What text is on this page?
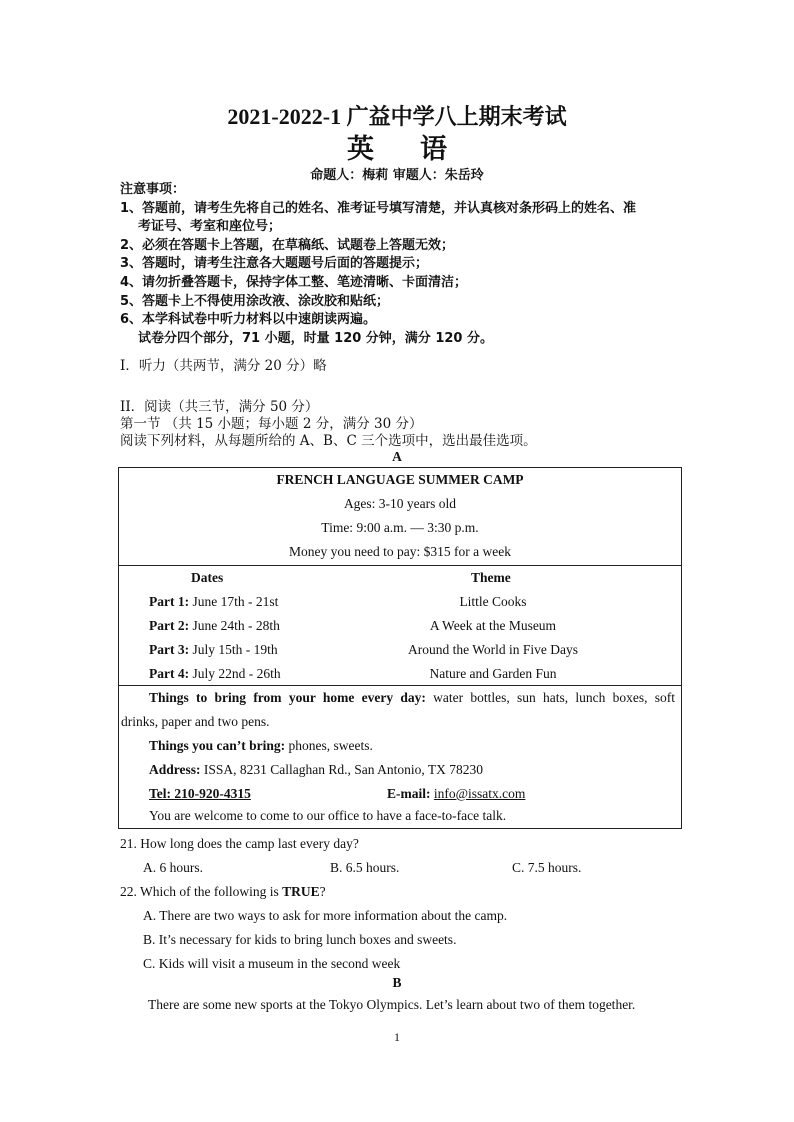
2021-2022-1 广益中学八上期末考试
英语
命题人：梅莉 审题人：朱岳玲
注意事项：
1、答题前，请考生先将自己的姓名、准考证号填写清楚，并认真核对条形码上的姓名、准
考证号、考室和座位号；
2、必须在答题卡上答题，在草稿纸、试题卷上答题无效；
3、答题时，请考生注意各大题题号后面的答题提示；
4、请勿折叠答题卡，保持字体工整、笔迹清晰、卡面清洁；
5、答题卡上不得使用涂改液、涂改胶和贴纸；
6、本学科试卷中听力材料以中速朗读两遍。
试卷分四个部分，71 小题，时量 120 分钟，满分 120 分。
I．听力（共两节，满分 20 分）略
II．阅读（共三节，满分 50 分）
第一节 （共 15 小题；每小题 2 分，满分 30 分）
阅读下列材料，从每题所给的 A、B、C 三个选项中，选出最佳选项。
A
FRENCH LANGUAGE SUMMER CAMP
Ages: 3-10 years old
Time: 9:00 a.m. — 3:30 p.m.
Money you need to pay: $315 for a week
Dates	Theme
Part 1: June 17th - 21st	Little Cooks
Part 2: June 24th - 28th	A Week at the Museum
Part 3: July 15th - 19th	Around the World in Five Days
Part 4: July 22nd - 26th	Nature and Garden Fun
Things to bring from your home every day: water bottles, sun hats, lunch boxes, soft
drinks, paper and two pens.
Things you can’t bring: phones, sweets.
Address: ISSA, 8231 Callaghan Rd., San Antonio, TX 78230
Tel: 210-920-4315	E-mail: info@issatx.com
You are welcome to come to our office to have a face-to-face talk.
21. How long does the camp last every day?
A. 6 hours.	B. 6.5 hours.	C. 7.5 hours.
22. Which of the following is TRUE?
A. There are two ways to ask for more information about the camp.
B. It’s necessary for kids to bring lunch boxes and sweets.
C. Kids will visit a museum in the second week
B
There are some new sports at the Tokyo Olympics. Let’s learn about two of them together.
1
